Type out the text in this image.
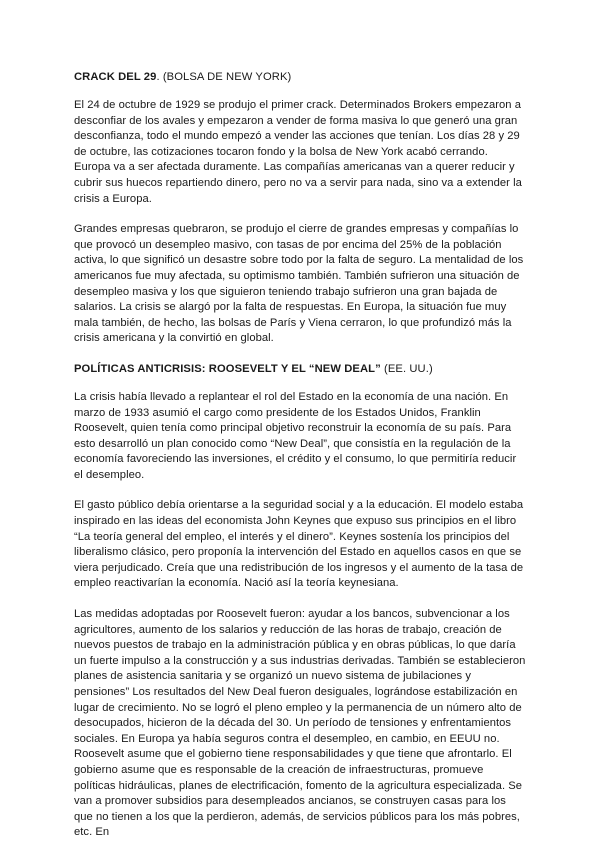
CRACK DEL 29. (BOLSA DE NEW YORK)

El 24 de octubre de 1929 se produjo el primer crack. Determinados Brokers empezaron a desconfiar de los avales y empezaron a vender de forma masiva lo que generó una gran desconfianza, todo el mundo empezó a vender las acciones que tenían. Los días 28 y 29 de octubre, las cotizaciones tocaron fondo y la bolsa de New York acabó cerrando. Europa va a ser afectada duramente. Las compañías americanas van a querer reducir y cubrir sus huecos repartiendo dinero, pero no va a servir para nada, sino va a extender la crisis a Europa.

Grandes empresas quebraron, se produjo el cierre de grandes empresas y compañías lo que provocó un desempleo masivo, con tasas de por encima del 25% de la población activa, lo que significó un desastre sobre todo por la falta de seguro. La mentalidad de los americanos fue muy afectada, su optimismo también. También sufrieron una situación de desempleo masiva y los que siguieron teniendo trabajo sufrieron una gran bajada de salarios. La crisis se alargó por la falta de respuestas. En Europa, la situación fue muy mala también, de hecho, las bolsas de París y Viena cerraron, lo que profundizó más la crisis americana y la convirtió en global.

POLÍTICAS ANTICRISIS: ROOSEVELT Y EL “NEW DEAL” (EE. UU.)

La crisis había llevado a replantear el rol del Estado en la economía de una nación. En marzo de 1933 asumió el cargo como presidente de los Estados Unidos, Franklin Roosevelt, quien tenía como principal objetivo reconstruir la economía de su país. Para esto desarrolló un plan conocido como “New Deal”, que consistía en la regulación de la economía favoreciendo las inversiones, el crédito y el consumo, lo que permitiría reducir el desempleo.

El gasto público debía orientarse a la seguridad social y a la educación. El modelo estaba inspirado en las ideas del economista John Keynes que expuso sus principios en el libro “La teoría general del empleo, el interés y el dinero”. Keynes sostenía los principios del liberalismo clásico, pero proponía la intervención del Estado en aquellos casos en que se viera perjudicado. Creía que una redistribución de los ingresos y el aumento de la tasa de empleo reactivarían la economía. Nació así la teoría keynesiana.

Las medidas adoptadas por Roosevelt fueron: ayudar a los bancos, subvencionar a los agricultores, aumento de los salarios y reducción de las horas de trabajo, creación de nuevos puestos de trabajo en la administración pública y en obras públicas, lo que daría un fuerte impulso a la construcción y a sus industrias derivadas. También se establecieron planes de asistencia sanitaria y se organizó un nuevo sistema de jubilaciones y pensiones” Los resultados del New Deal fueron desiguales, lográndose estabilización en lugar de crecimiento. No se logró el pleno empleo y la permanencia de un número alto de desocupados, hicieron de la década del 30. Un período de tensiones y enfrentamientos sociales. En Europa ya había seguros contra el desempleo, en cambio, en EEUU no. Roosevelt asume que el gobierno tiene responsabilidades y que tiene que afrontarlo. El gobierno asume que es responsable de la creación de infraestructuras, promueve políticas hidráulicas, planes de electrificación, fomento de la agricultura especializada. Se van a promover subsidios para desempleados ancianos, se construyen casas para los que no tienen a los que la perdieron, además, de servicios públicos para los más pobres, etc. En
